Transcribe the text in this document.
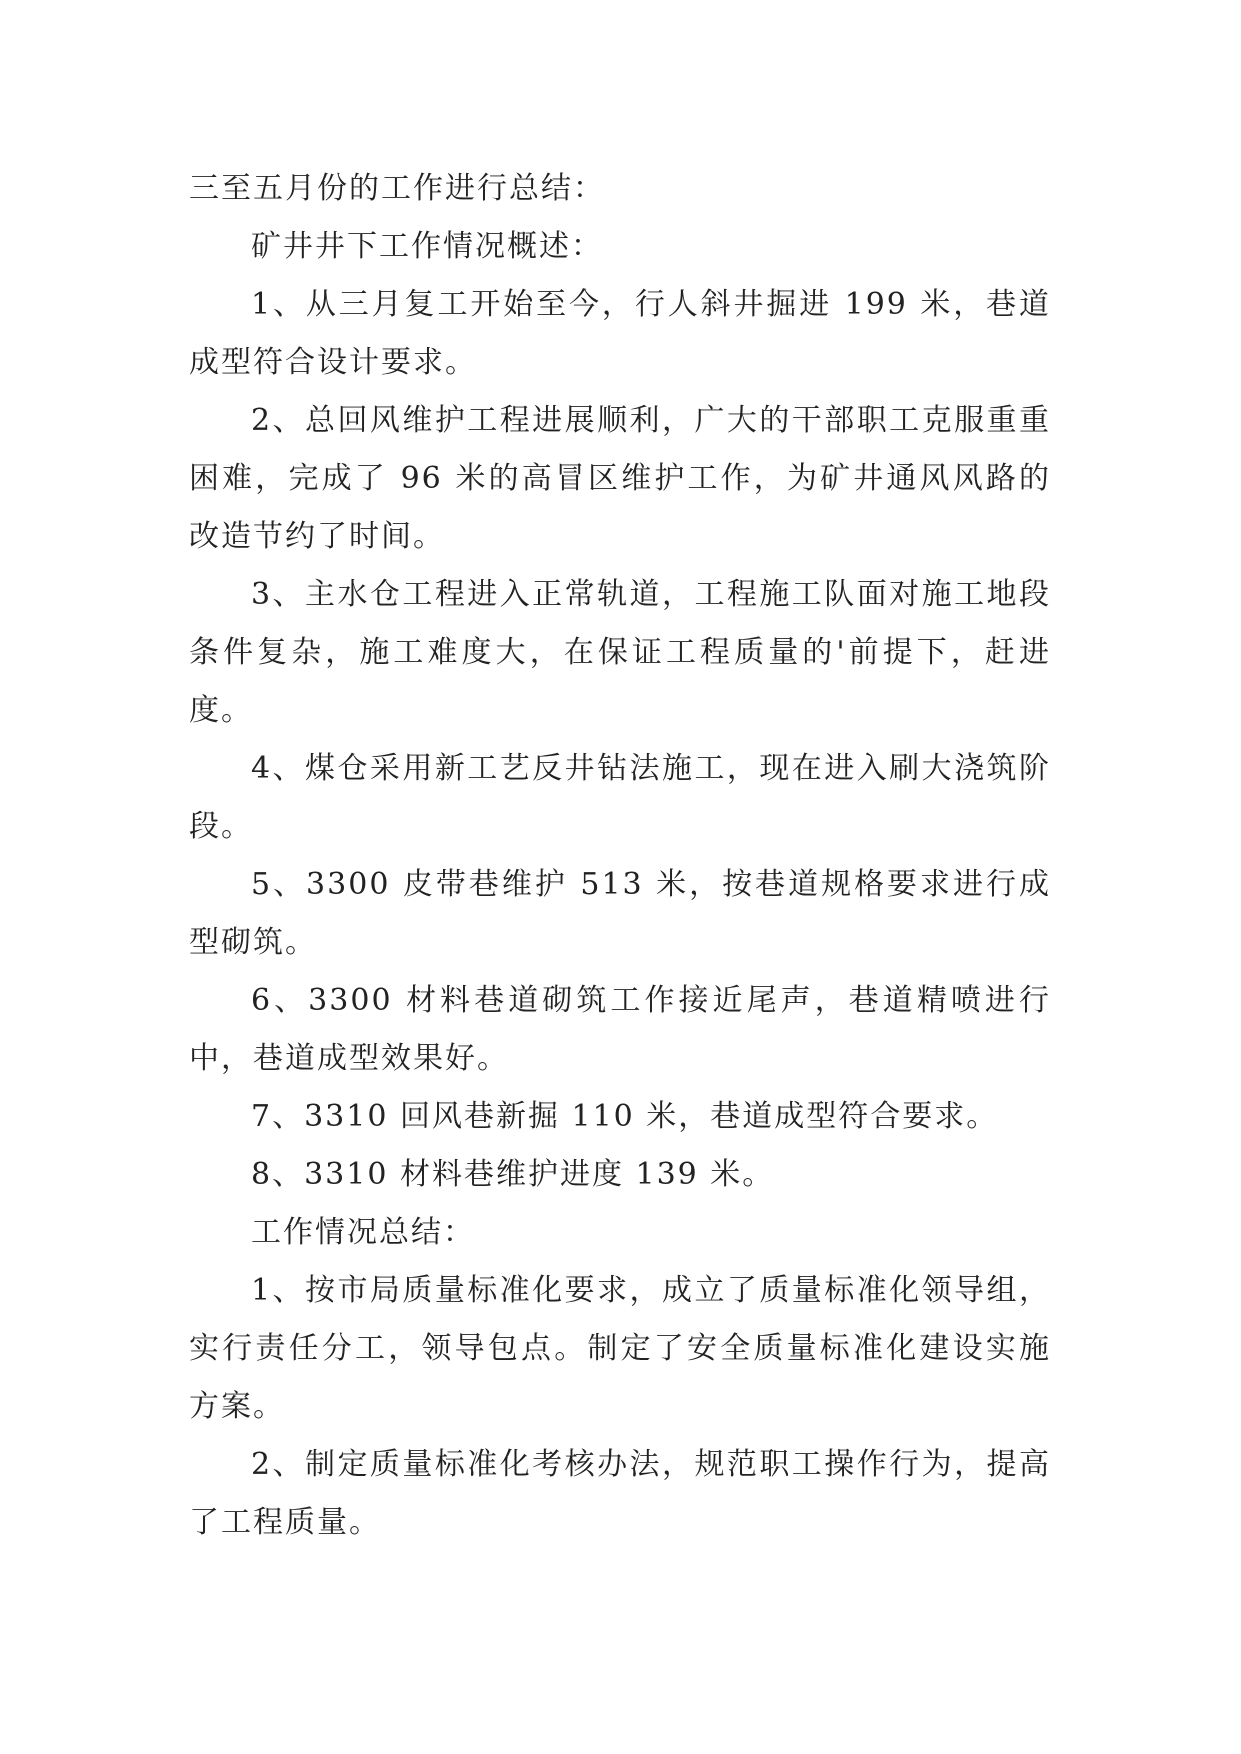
三至五月份的工作进行总结：

矿井井下工作情况概述：

1、从三月复工开始至今，行人斜井掘进 199 米，巷道成型符合设计要求。

2、总回风维护工程进展顺利，广大的干部职工克服重重困难，完成了 96 米的高冒区维护工作，为矿井通风风路的改造节约了时间。

3、主水仓工程进入正常轨道，工程施工队面对施工地段条件复杂，施工难度大，在保证工程质量的'前提下，赶进度。

4、煤仓采用新工艺反井钻法施工，现在进入刷大浇筑阶段。

5、3300 皮带巷维护 513 米，按巷道规格要求进行成型砌筑。

6、3300 材料巷道砌筑工作接近尾声，巷道精喷进行中，巷道成型效果好。

7、3310 回风巷新掘 110 米，巷道成型符合要求。

8、3310 材料巷维护进度 139 米。

工作情况总结：

1、按市局质量标准化要求，成立了质量标准化领导组，实行责任分工，领导包点。制定了安全质量标准化建设实施方案。

2、制定质量标准化考核办法，规范职工操作行为，提高了工程质量。
